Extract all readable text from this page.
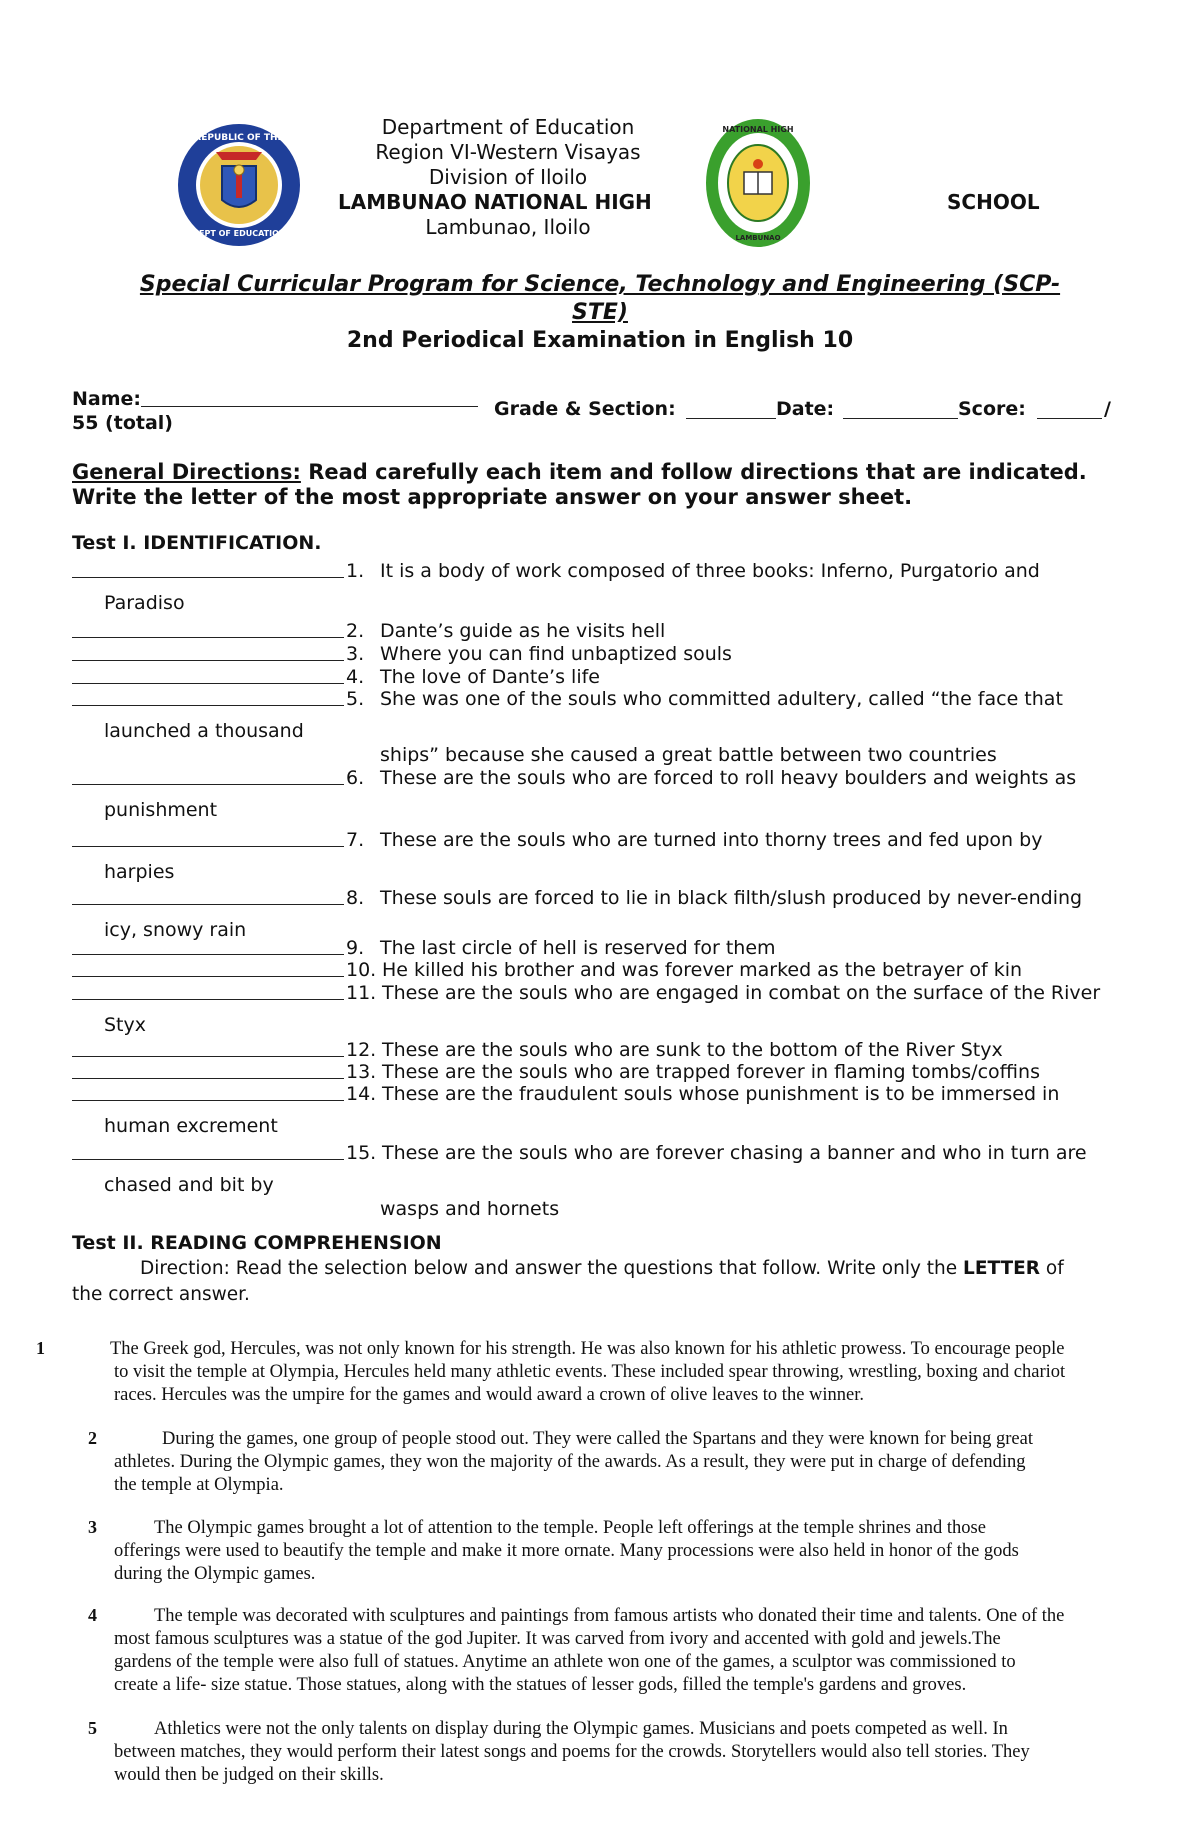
REPUBLIC OF THE
DEPT OF EDUCATION
Department of Education
Region VI-Western Visayas
Division of Iloilo
LAMBUNAO NATIONAL HIGH	SCHOOL
Lambunao, Iloilo
NATIONAL HIGH
LAMBUNAO
Special Curricular Program for Science, Technology and Engineering (SCP-
STE)
2nd Periodical Examination in English 10
Name:	Grade & Section:	Date:	Score:	/
55 (total)
General Directions: Read carefully each item and follow directions that are indicated.
Write the letter of the most appropriate answer on your answer sheet.
Test I. IDENTIFICATION.
1. It is a body of work composed of three books: Inferno, Purgatorio and
Paradiso
2. Dante’s guide as he visits hell
3. Where you can find unbaptized souls
4. The love of Dante’s life
5. She was one of the souls who committed adultery, called “the face that
launched a thousand
ships” because she caused a great battle between two countries
6. These are the souls who are forced to roll heavy boulders and weights as
punishment
7. These are the souls who are turned into thorny trees and fed upon by
harpies
8. These souls are forced to lie in black filth/slush produced by never-ending
icy, snowy rain
9. The last circle of hell is reserved for them
10. He killed his brother and was forever marked as the betrayer of kin
11. These are the souls who are engaged in combat on the surface of the River
Styx
12. These are the souls who are sunk to the bottom of the River Styx
13. These are the souls who are trapped forever in flaming tombs/coffins
14. These are the fraudulent souls whose punishment is to be immersed in
human excrement
15. These are the souls who are forever chasing a banner and who in turn are
chased and bit by
wasps and hornets
Test II. READING COMPREHENSION
Direction: Read the selection below and answer the questions that follow. Write only the LETTER of
the correct answer.
1	The Greek god, Hercules, was not only known for his strength. He was also known for his athletic prowess. To encourage people
to visit the temple at Olympia, Hercules held many athletic events. These included spear throwing, wrestling, boxing and chariot
races. Hercules was the umpire for the games and would award a crown of olive leaves to the winner.
2	During the games, one group of people stood out. They were called the Spartans and they were known for being great
athletes. During the Olympic games, they won the majority of the awards. As a result, they were put in charge of defending
the temple at Olympia.
3	The Olympic games brought a lot of attention to the temple. People left offerings at the temple shrines and those
offerings were used to beautify the temple and make it more ornate. Many processions were also held in honor of the gods
during the Olympic games.
4	The temple was decorated with sculptures and paintings from famous artists who donated their time and talents. One of the
most famous sculptures was a statue of the god Jupiter. It was carved from ivory and accented with gold and jewels.The
gardens of the temple were also full of statues. Anytime an athlete won one of the games, a sculptor was commissioned to
create a life- size statue. Those statues, along with the statues of lesser gods, filled the temple's gardens and groves.
5	Athletics were not the only talents on display during the Olympic games. Musicians and poets competed as well. In
between matches, they would perform their latest songs and poems for the crowds. Storytellers would also tell stories. They
would then be judged on their skills.
